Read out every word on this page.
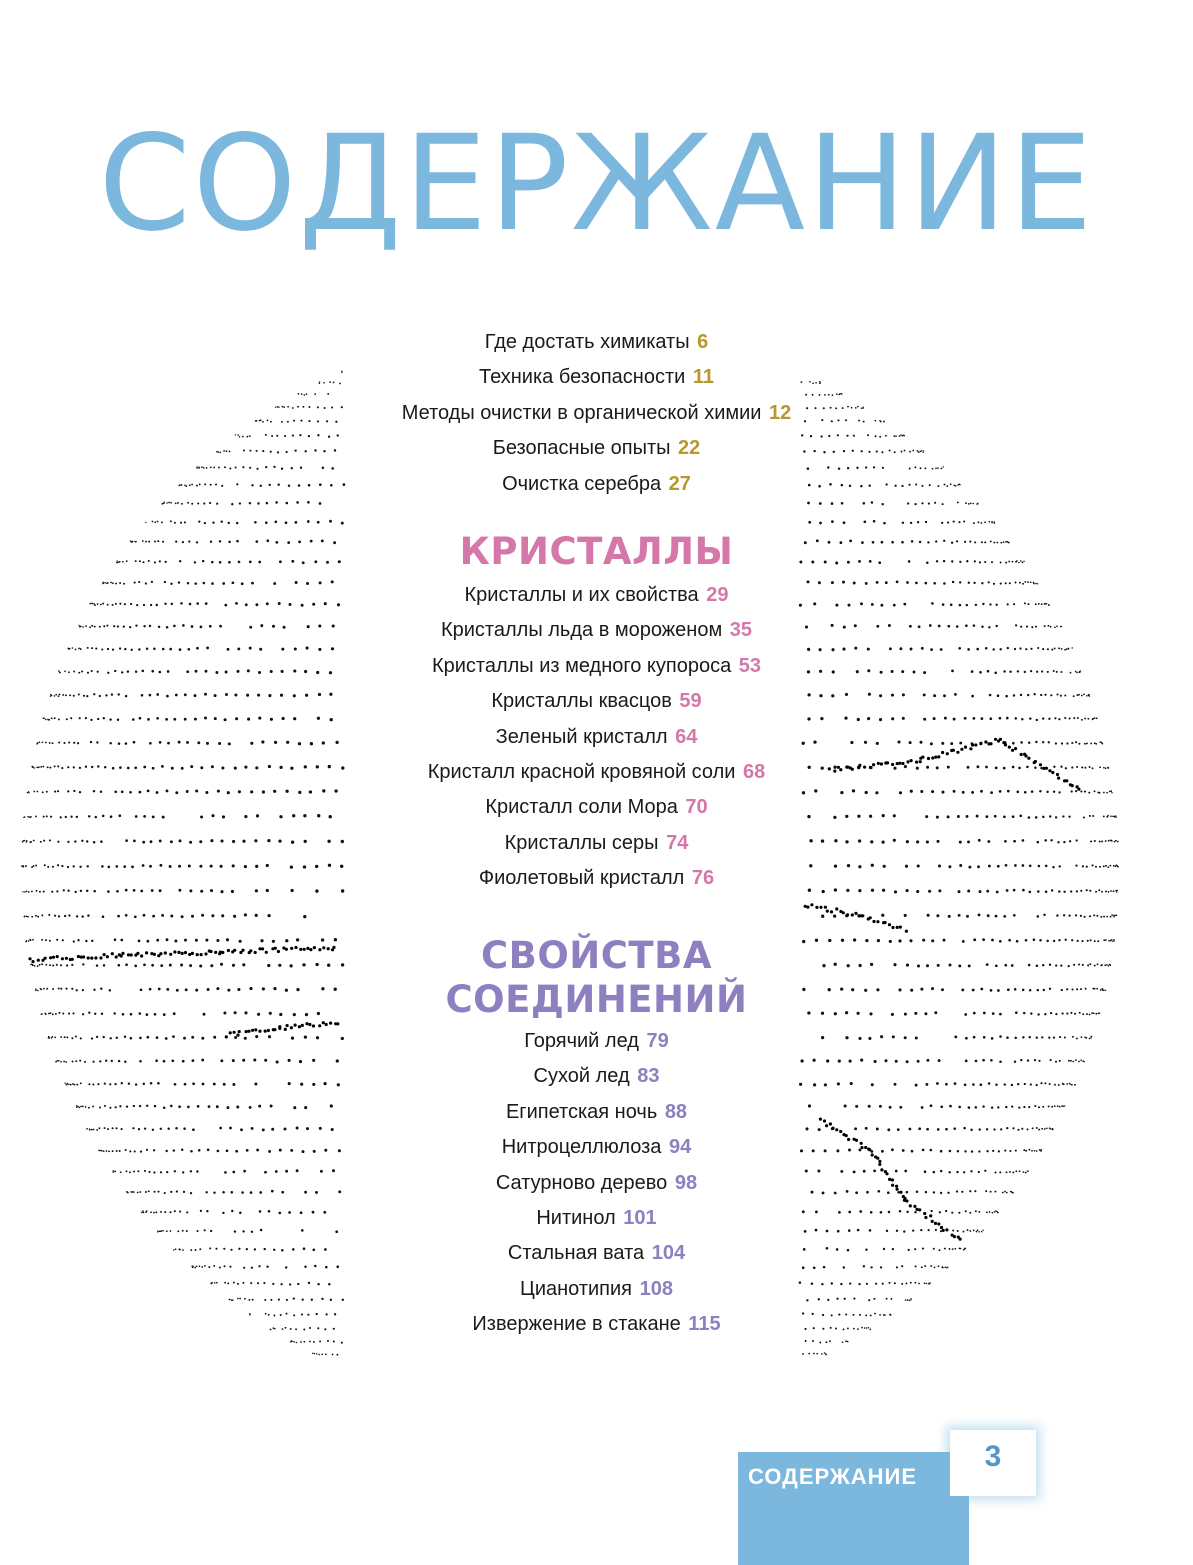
СОДЕРЖАНИЕ
Где достать химикаты 6
Техника безопасности 11
Методы очистки в органической химии 12
Безопасные опыты 22
Очистка серебра 27
КРИСТАЛЛЫ
Кристаллы и их свойства 29
Кристаллы льда в мороженом 35
Кристаллы из медного купороса 53
Кристаллы квасцов 59
Зеленый кристалл 64
Кристалл красной кровяной соли 68
Кристалл соли Мора 70
Кристаллы серы 74
Фиолетовый кристалл 76
СВОЙСТВА
СОЕДИНЕНИЙ
Горячий лед 79
Сухой лед 83
Египетская ночь 88
Нитроцеллюлоза 94
Сатурново дерево 98
Нитинол 101
Стальная вата 104
Цианотипия 108
Извержение в стакане 115
СОДЕРЖАНИЕ
3
